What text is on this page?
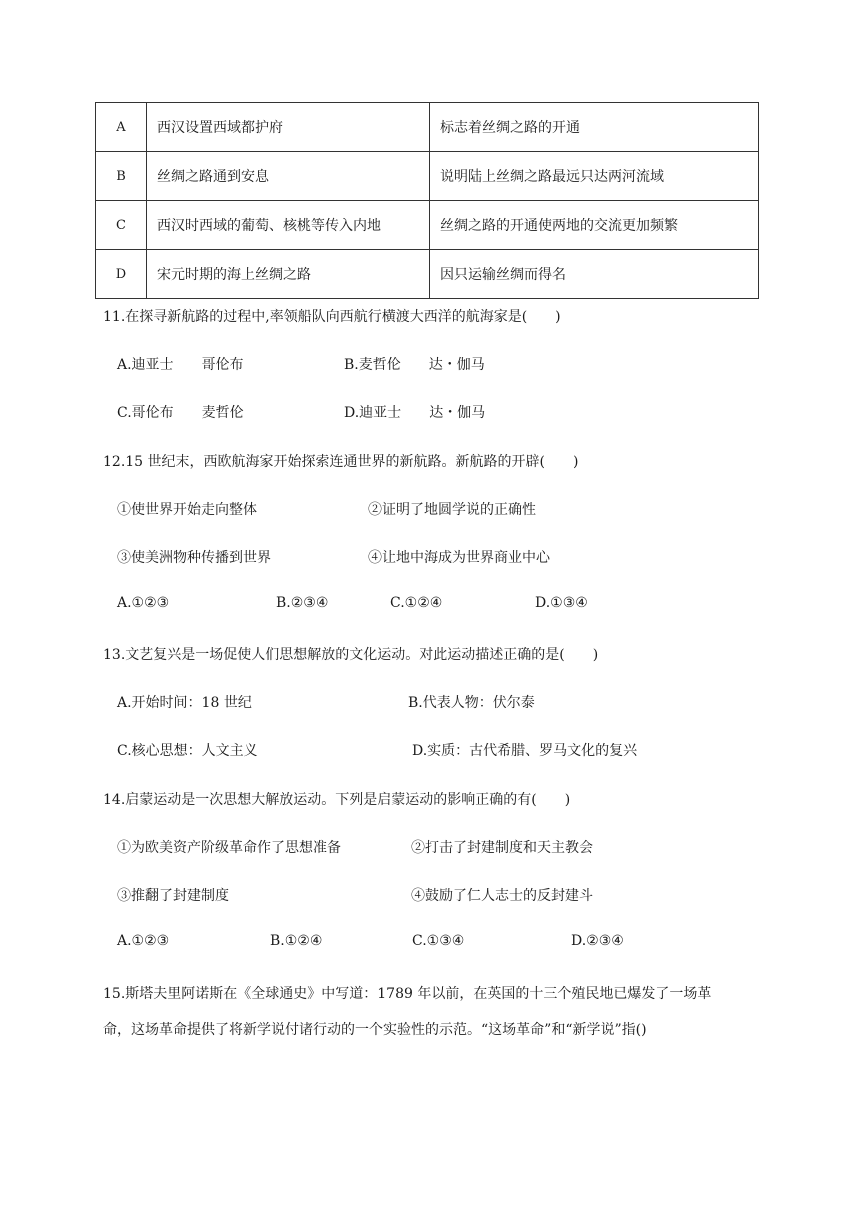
A	西汉设置西域都护府	标志着丝绸之路的开通
B	丝绸之路通到安息	说明陆上丝绸之路最远只达两河流域
C	西汉时西域的葡萄、核桃等传入内地	丝绸之路的开通使两地的交流更加频繁
D	宋元时期的海上丝绸之路	因只运输丝绸而得名
11.在探寻新航路的过程中,率领船队向西航行横渡大西洋的航海家是(　　)
A.迪亚士 哥伦布	B.麦哲伦 达・伽马
C.哥伦布 麦哲伦	D.迪亚士 达・伽马
12.15 世纪末，西欧航海家开始探索连通世界的新航路。新航路的开辟(　　)
①使世界开始走向整体	②证明了地圆学说的正确性
③使美洲物种传播到世界	④让地中海成为世界商业中心
A.①②③	B.②③④	C.①②④	D.①③④
13.文艺复兴是一场促使人们思想解放的文化运动。对此运动描述正确的是(　　)
A.开始时间：18 世纪	B.代表人物：伏尔泰
C.核心思想：人文主义	D.实质：古代希腊、罗马文化的复兴
14.启蒙运动是一次思想大解放运动。下列是启蒙运动的影响正确的有(　　)
①为欧美资产阶级革命作了思想准备	②打击了封建制度和天主教会
③推翻了封建制度	④鼓励了仁人志士的反封建斗
A.①②③	B.①②④	C.①③④	D.②③④
15.斯塔夫里阿诺斯在《全球通史》中写道：1789 年以前，在英国的十三个殖民地已爆发了一场革
命，这场革命提供了将新学说付诸行动的一个实验性的示范。“这场革命”和“新学说”指()
